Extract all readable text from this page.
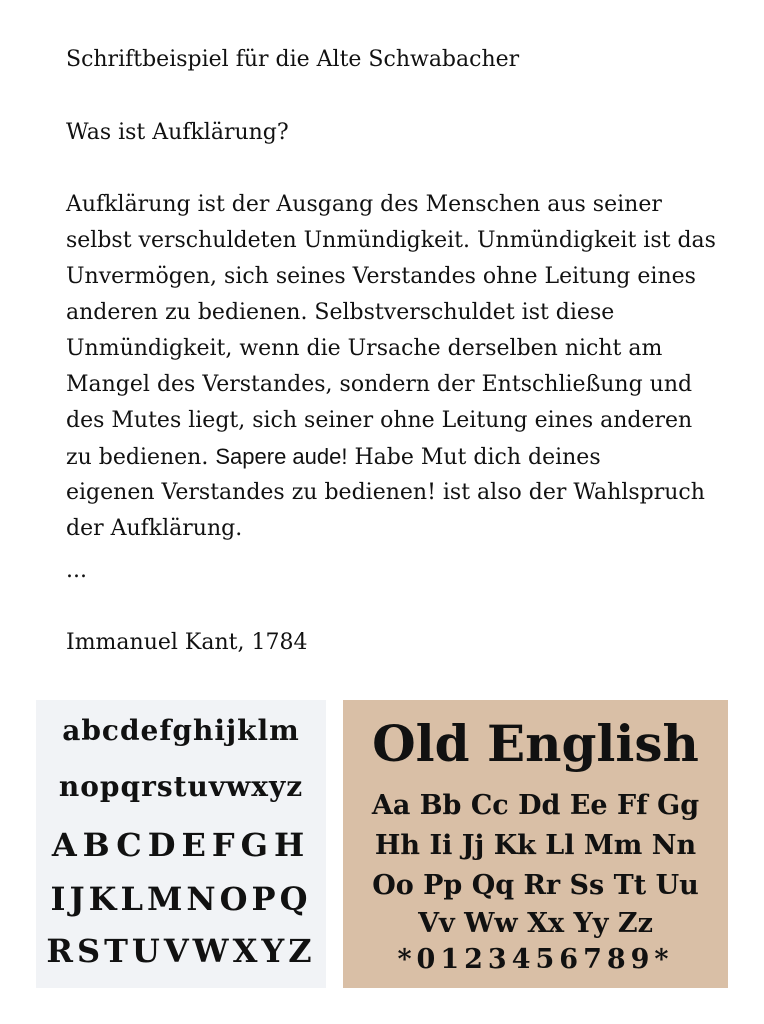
Schriftbeispiel für die Alte Schwabacher
Was ist Aufklärung?
Aufklärung ist der Ausgang des Menschen aus seiner
selbst verschuldeten Unmündigkeit. Unmündigkeit ist das
Unvermögen, sich seines Verstandes ohne Leitung eines
anderen zu bedienen. Selbstverschuldet ist diese
Unmündigkeit, wenn die Ursache derselben nicht am
Mangel des Verstandes, sondern der Entschließung und
des Mutes liegt, sich seiner ohne Leitung eines anderen
zu bedienen. Sapere aude! Habe Mut dich deines
eigenen Verstandes zu bedienen! ist also der Wahlspruch
der Aufklärung.
...
Immanuel Kant, 1784
abcdefghijklm
nopqrstuvwxyz
ABCDEFGH
IJKLMNOPQ
RSTUVWXYZ
Old English
Aa Bb Cc Dd Ee Ff Gg
Hh Ii Jj Kk Ll Mm Nn
Oo Pp Qq Rr Ss Tt Uu
Vv Ww Xx Yy Zz
*0123456789*
